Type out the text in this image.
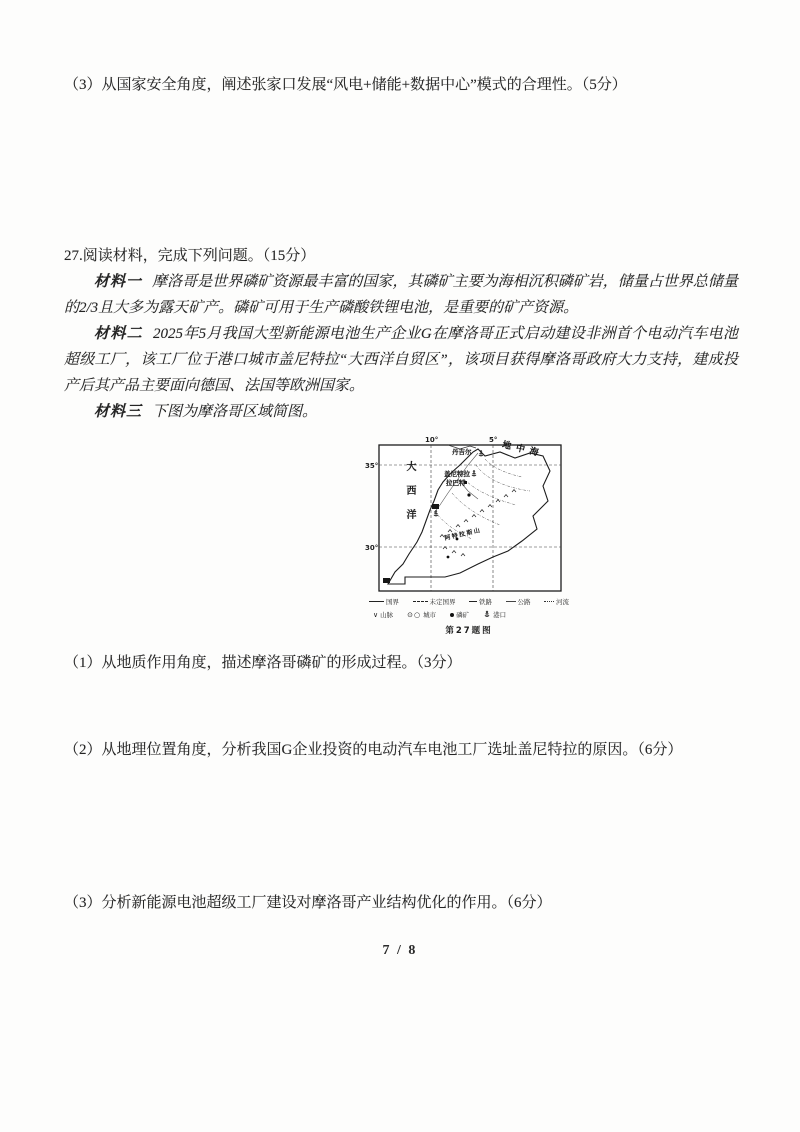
（3）从国家安全角度，阐述张家口发展“风电+储能+数据中心”模式的合理性。（5分）

27.阅读材料，完成下列问题。（15分）

材料一 摩洛哥是世界磷矿资源最丰富的国家，其磷矿主要为海相沉积磷矿岩，储量占世界总储量的2/3且大多为露天矿产。磷矿可用于生产磷酸铁锂电池，是重要的矿产资源。

材料二 2025年5月我国大型新能源电池生产企业G在摩洛哥正式启动建设非洲首个电动汽车电池超级工厂，该工厂位于港口城市盖尼特拉“大西洋自贸区”，该项目获得摩洛哥政府大力支持，建成投产后其产品主要面向德国、法国等欧洲国家。

材料三 下图为摩洛哥区域简图。

10°	5°
35°
30°
大西洋
地中海
丹吉尔
盖尼特拉
拉巴特
阿特拉斯山
国界	未定国界	铁路	公路	河流
∨ 山脉 ⊙○ 城市	磷矿	港口
第27题图

（1）从地质作用角度，描述摩洛哥磷矿的形成过程。（3分）

（2）从地理位置角度，分析我国G企业投资的电动汽车电池工厂选址盖尼特拉的原因。（6分）

（3）分析新能源电池超级工厂建设对摩洛哥产业结构优化的作用。（6分）

7 / 8
